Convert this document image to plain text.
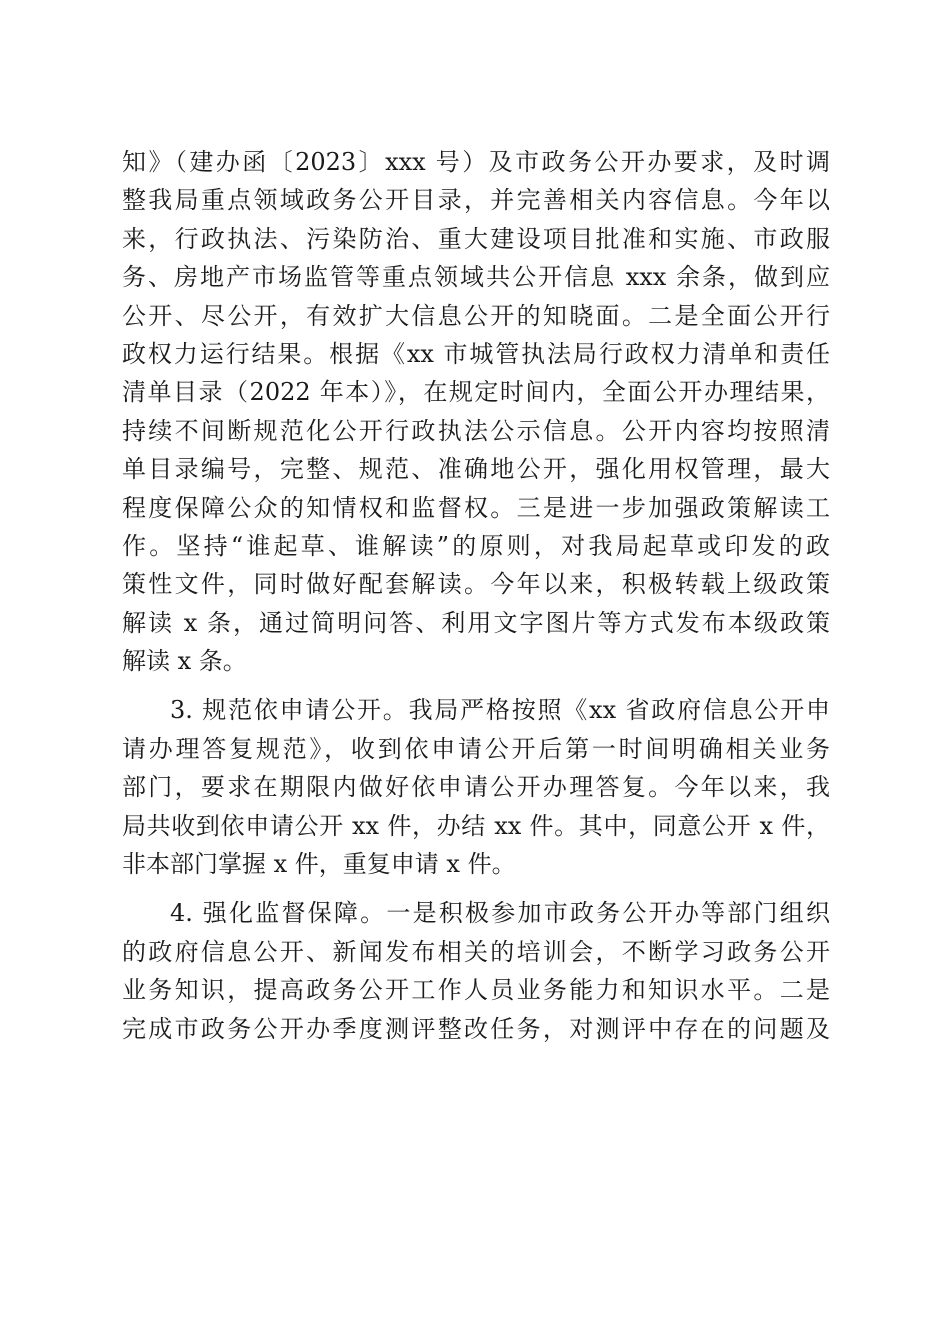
知》（建办函〔2023〕xxx 号）及市政务公开办要求，及时调
整我局重点领域政务公开目录，并完善相关内容信息。今年以
来，行政执法、污染防治、重大建设项目批准和实施、市政服
务、房地产市场监管等重点领域共公开信息 xxx 余条，做到应
公开、尽公开，有效扩大信息公开的知晓面。二是全面公开行
政权力运行结果。根据《xx 市城管执法局行政权力清单和责任
清单目录（2022 年本）》，在规定时间内，全面公开办理结果，
持续不间断规范化公开行政执法公示信息。公开内容均按照清
单目录编号，完整、规范、准确地公开，强化用权管理，最大
程度保障公众的知情权和监督权。三是进一步加强政策解读工
作。坚持“谁起草、谁解读”的原则，对我局起草或印发的政
策性文件，同时做好配套解读。今年以来，积极转载上级政策
解读 x 条，通过简明问答、利用文字图片等方式发布本级政策
解读 x 条。
3. 规范依申请公开。我局严格按照《xx 省政府信息公开申
请办理答复规范》，收到依申请公开后第一时间明确相关业务
部门，要求在期限内做好依申请公开办理答复。今年以来，我
局共收到依申请公开 xx 件，办结 xx 件。其中，同意公开 x 件，
非本部门掌握 x 件，重复申请 x 件。
4. 强化监督保障。一是积极参加市政务公开办等部门组织
的政府信息公开、新闻发布相关的培训会，不断学习政务公开
业务知识，提高政务公开工作人员业务能力和知识水平。二是
完成市政务公开办季度测评整改任务，对测评中存在的问题及
